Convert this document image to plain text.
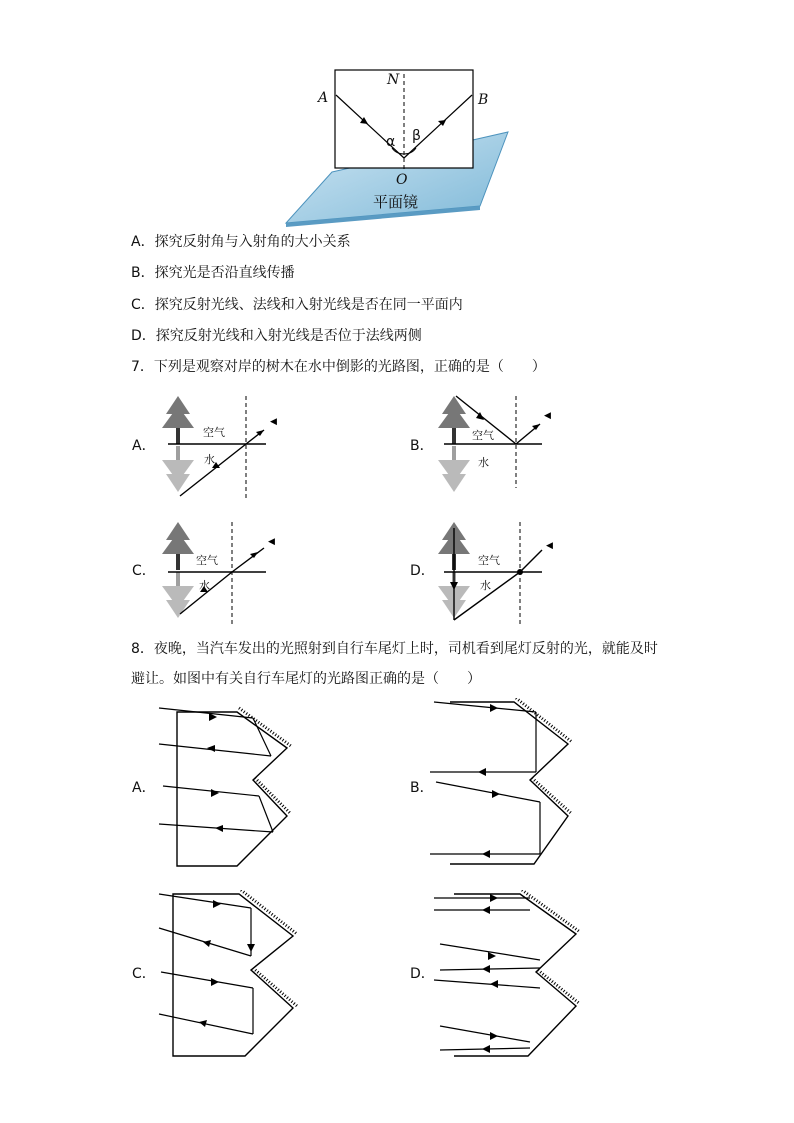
A	B
N
O
α β
平面镜
A．探究反射角与入射角的大小关系
B．探究光是否沿直线传播
C．探究反射光线、法线和入射光线是否在同一平面内
D．探究反射光线和入射光线是否位于法线两侧
7．下列是观察对岸的树木在水中倒影的光路图，正确的是（　　）
A．
◀
空气
水
B．
◀
空气
水
C．
◀
空气
水
D．
◀
空气
水
8．夜晚，当汽车发出的光照射到自行车尾灯上时，司机看到尾灯反射的光，就能及时
避让。如图中有关自行车尾灯的光路图正确的是（　　）
A．	B．
C．	D．
